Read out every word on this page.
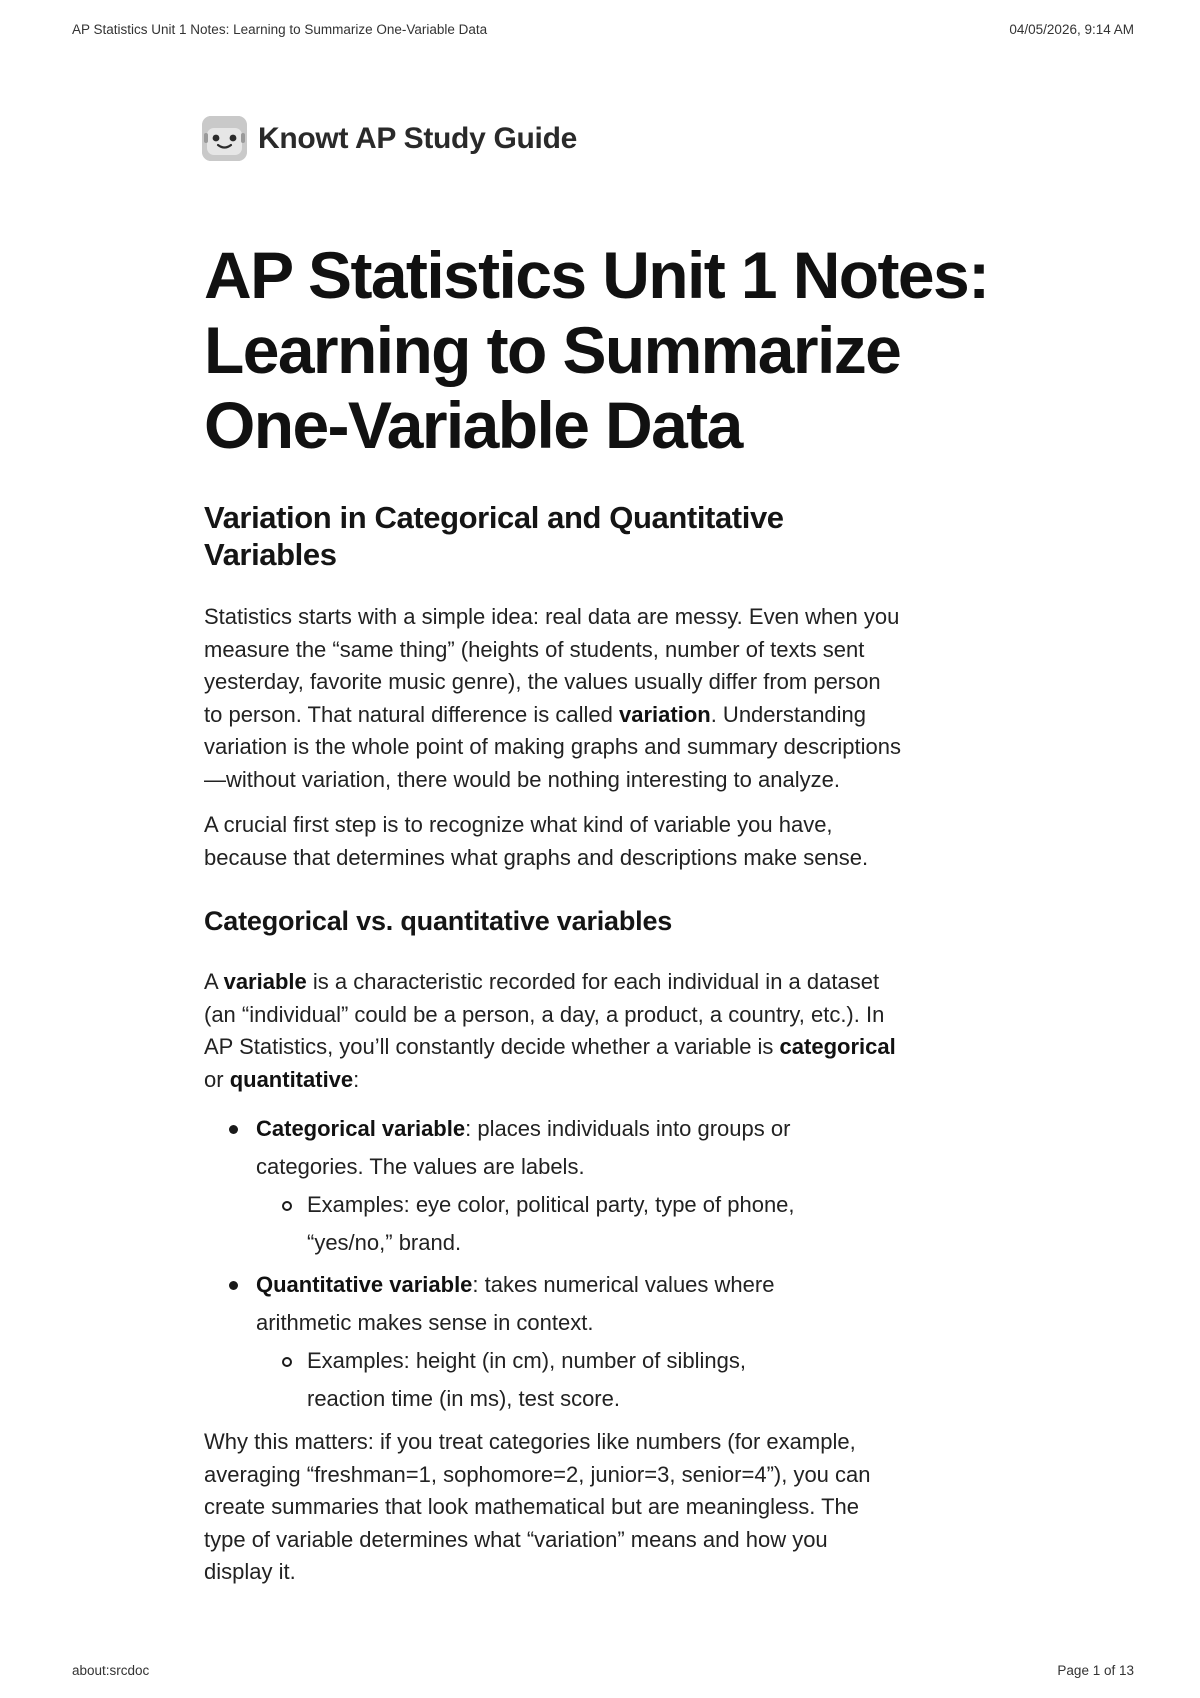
AP Statistics Unit 1 Notes: Learning to Summarize One-Variable Data	04/05/2026, 9:14 AM
Knowt AP Study Guide
AP Statistics Unit 1 Notes:
Learning to Summarize
One-Variable Data
Variation in Categorical and Quantitative
Variables

Statistics starts with a simple idea: real data are messy. Even when you
measure the “same thing” (heights of students, number of texts sent
yesterday, favorite music genre), the values usually differ from person
to person. That natural difference is called variation. Understanding
variation is the whole point of making graphs and summary descriptions
—without variation, there would be nothing interesting to analyze.

A crucial first step is to recognize what kind of variable you have,
because that determines what graphs and descriptions make sense.

Categorical vs. quantitative variables

A variable is a characteristic recorded for each individual in a dataset
(an “individual” could be a person, a day, a product, a country, etc.). In
AP Statistics, you’ll constantly decide whether a variable is categorical
or quantitative:

Categorical variable: places individuals into groups or
categories. The values are labels.
Examples: eye color, political party, type of phone,
“yes/no,” brand.
Quantitative variable: takes numerical values where
arithmetic makes sense in context.
Examples: height (in cm), number of siblings,
reaction time (in ms), test score.

Why this matters: if you treat categories like numbers (for example,
averaging “freshman=1, sophomore=2, junior=3, senior=4”), you can
create summaries that look mathematical but are meaningless. The
type of variable determines what “variation” means and how you
display it.

about:srcdoc	Page 1 of 13
